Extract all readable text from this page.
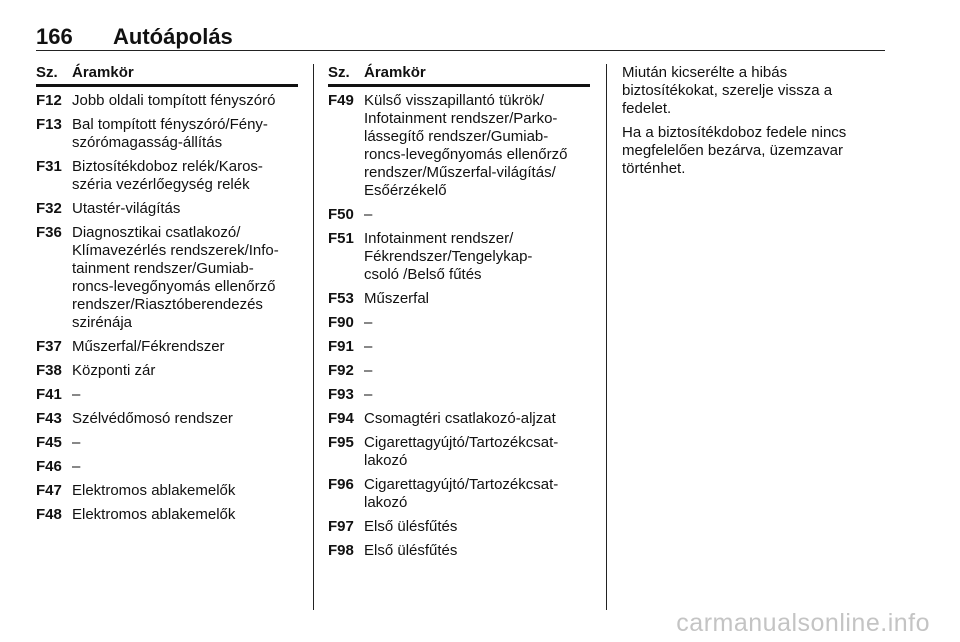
166 Autóápolás
Sz. Áramkör
F12 Jobb oldali tompított fényszóró
F13 Bal tompított fényszóró/Fény-
szórómagasság-állítás
F31 Biztosítékdoboz relék/Karos-
széria vezérlőegység relék
F32 Utastér-világítás
F36 Diagnosztikai csatlakozó/
Klímavezérlés rendszerek/Info-
tainment rendszer/Gumiab-
roncs-levegőnyomás ellenőrző
rendszer/Riasztóberendezés
szirénája
F37 Műszerfal/Fékrendszer
F38 Központi zár
F41 –
F43 Szélvédőmosó rendszer
F45 –
F46 –
F47 Elektromos ablakemelők
F48 Elektromos ablakemelők
Sz. Áramkör
F49 Külső visszapillantó tükrök/
Infotainment rendszer/Parko-
lássegítő rendszer/Gumiab-
roncs-levegőnyomás ellenőrző
rendszer/Műszerfal-világítás/
Esőérzékelő
F50 –
F51 Infotainment rendszer/
Fékrendszer/Tengelykap-
csoló /Belső fűtés
F53 Műszerfal
F90 –
F91 –
F92 –
F93 –
F94 Csomagtéri csatlakozó-aljzat
F95 Cigarettagyújtó/Tartozékcsat-
lakozó
F96 Cigarettagyújtó/Tartozékcsat-
lakozó
F97 Első ülésfűtés
F98 Első ülésfűtés

Miután kicserélte a hibás
biztosítékokat, szerelje vissza a
fedelet.

Ha a biztosítékdoboz fedele nincs
megfelelően bezárva, üzemzavar
történhet.

carmanualsonline.info
